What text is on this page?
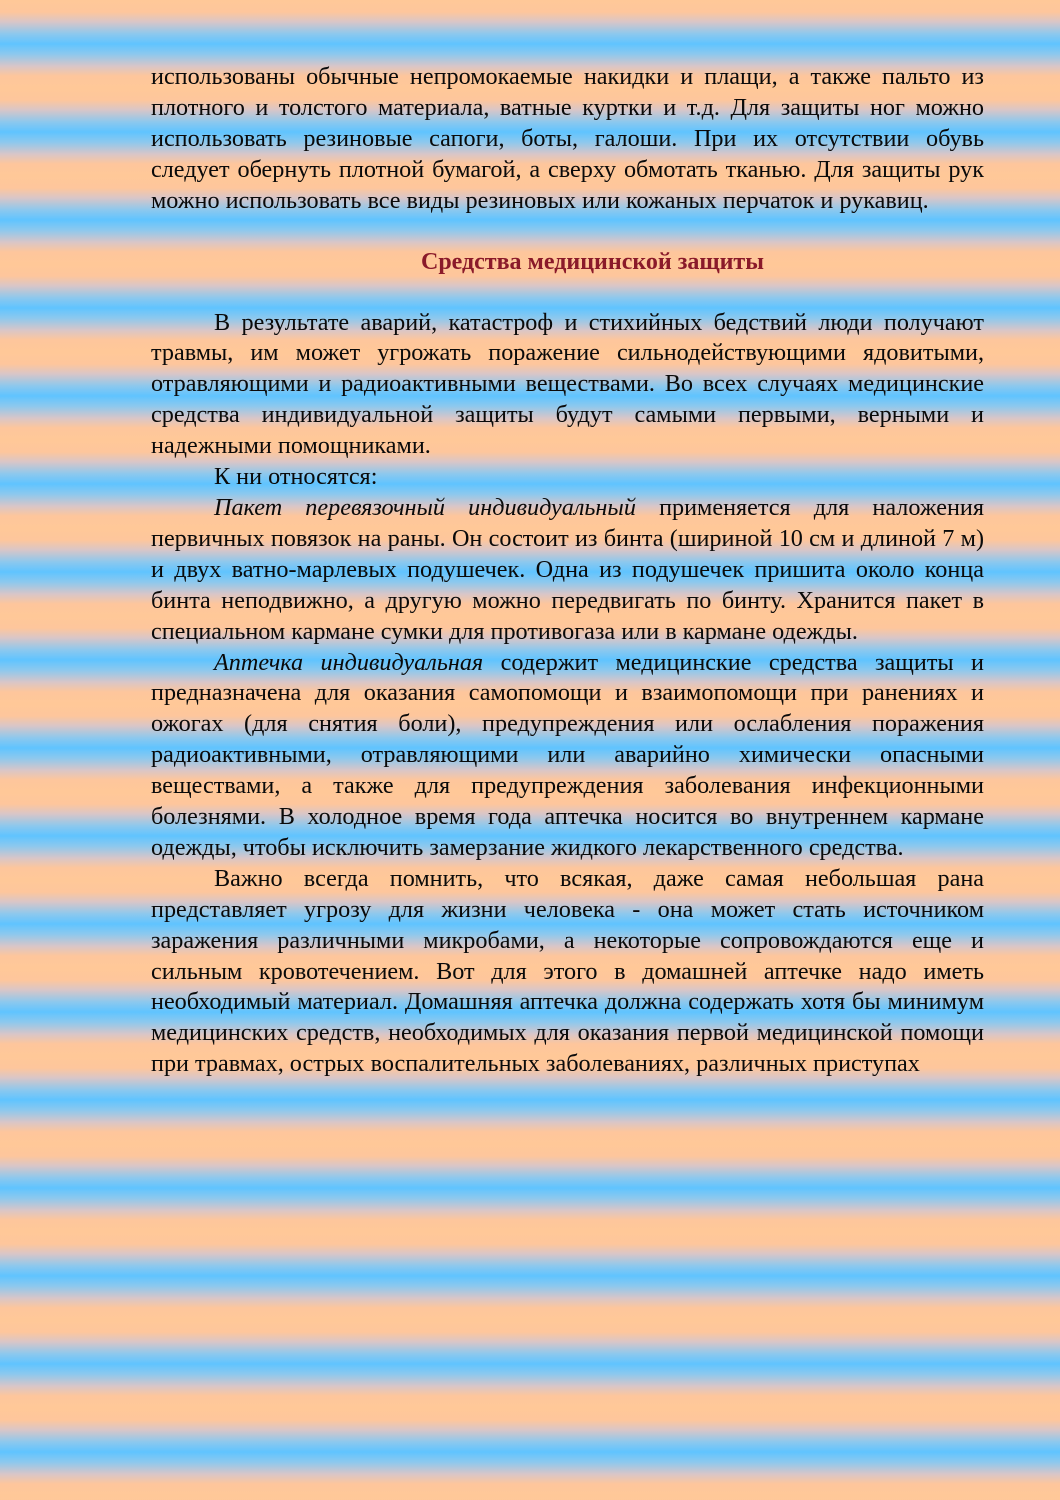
использованы обычные непромокаемые накидки и плащи, а также пальто из плотного и толстого материала, ватные куртки и т.д. Для защиты ног можно использовать резиновые сапоги, боты, галоши. При их отсутствии обувь следует обернуть плотной бумагой, а сверху обмотать тканью. Для защиты рук можно использовать все виды резиновых или кожаных перчаток и рукавиц.

Средства медицинской защиты

В результате аварий, катастроф и стихийных бедствий люди получают травмы, им может угрожать поражение сильнодействующими ядовитыми, отравляющими и радиоактивными веществами. Во всех случаях медицинские средства индивидуальной защиты будут самыми первыми, верными и надежными помощниками.

К ни относятся:

Пакет перевязочный индивидуальный применяется для наложения первичных повязок на раны. Он состоит из бинта (шириной 10 см и длиной 7 м) и двух ватно-марлевых подушечек. Одна из подушечек пришита около конца бинта неподвижно, а другую можно передвигать по бинту. Хранится пакет в специальном кармане сумки для противогаза или в кармане одежды.

Аптечка индивидуальная содержит медицинские средства защиты и предназначена для оказания самопомощи и взаимопомощи при ранениях и ожогах (для снятия боли), предупреждения или ослабления поражения радиоактивными, отравляющими или аварийно химически опасными веществами, а также для предупреждения заболевания инфекционными болезнями. В холодное время года аптечка носится во внутреннем кармане одежды, чтобы исключить замерзание жидкого лекарственного средства.

Важно всегда помнить, что всякая, даже самая небольшая рана представляет угрозу для жизни человека - она может стать источником заражения различными микробами, а некоторые сопровождаются еще и сильным кровотечением. Вот для этого в домашней аптечке надо иметь необходимый материал. Домашняя аптечка должна содержать хотя бы минимум медицинских средств, необходимых для оказания первой медицинской помощи при травмах, острых воспалительных заболеваниях, различных приступах
